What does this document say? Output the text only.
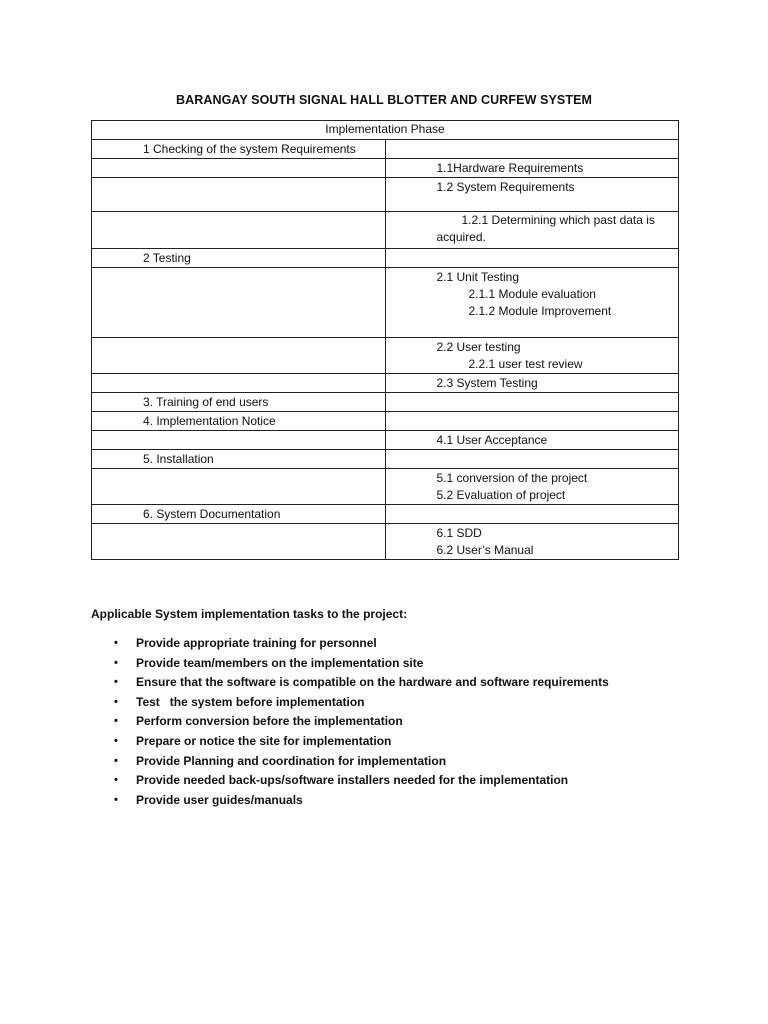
BARANGAY SOUTH SIGNAL HALL BLOTTER AND CURFEW SYSTEM
Implementation Phase	

1 Checking of the system Requirements	

	1.1Hardware Requirements

	1.2 System Requirements

	1.2.1 Determining which past data is
acquired.

2 Testing	

	2.1 Unit Testing
2.1.1 Module evaluation
2.1.2 Module Improvement

	2.2 User testing
2.2.1 user test review

	2.3 System Testing

3. Training of end users	

4. Implementation Notice	

	4.1 User Acceptance

5. Installation	

	5.1 conversion of the project
5.2 Evaluation of project

6. System Documentation	

	6.1 SDD
6.2 User’s Manual
Applicable System implementation tasks to the project:
• Provide appropriate training for personnel
• Provide team/members on the implementation site
• Ensure that the software is compatible on the hardware and software requirements
• Test   the system before implementation
• Perform conversion before the implementation
• Prepare or notice the site for implementation
• Provide Planning and coordination for implementation
• Provide needed back-ups/software installers needed for the implementation
• Provide user guides/manuals
